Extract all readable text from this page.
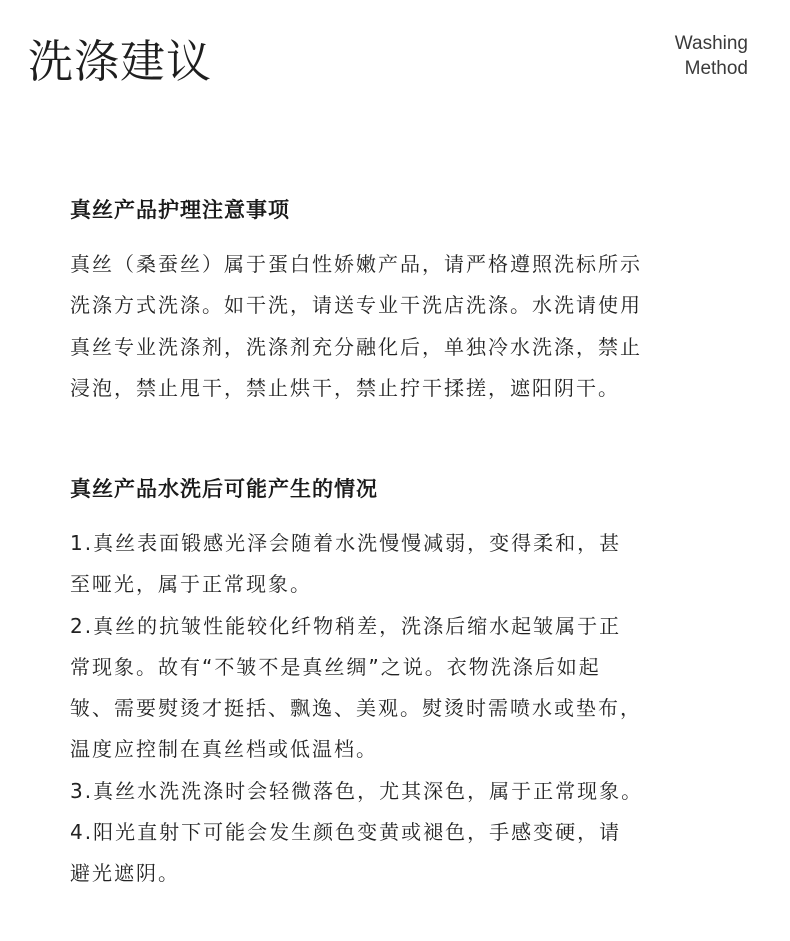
洗涤建议	Washing
Method
真丝产品护理注意事项
真丝（桑蚕丝）属于蛋白性娇嫩产品，请严格遵照洗标所示
洗涤方式洗涤。如干洗，请送专业干洗店洗涤。水洗请使用
真丝专业洗涤剂，洗涤剂充分融化后，单独冷水洗涤，禁止
浸泡，禁止甩干，禁止烘干，禁止拧干揉搓，遮阳阴干。
真丝产品水洗后可能产生的情况
1.真丝表面锻感光泽会随着水洗慢慢减弱，变得柔和，甚
至哑光，属于正常现象。
2.真丝的抗皱性能较化纤物稍差，洗涤后缩水起皱属于正
常现象。故有“不皱不是真丝绸”之说。衣物洗涤后如起
皱、需要熨烫才挺括、飘逸、美观。熨烫时需喷水或垫布，
温度应控制在真丝档或低温档。
3.真丝水洗洗涤时会轻微落色，尤其深色，属于正常现象。
4.阳光直射下可能会发生颜色变黄或褪色，手感变硬，请
避光遮阴。
